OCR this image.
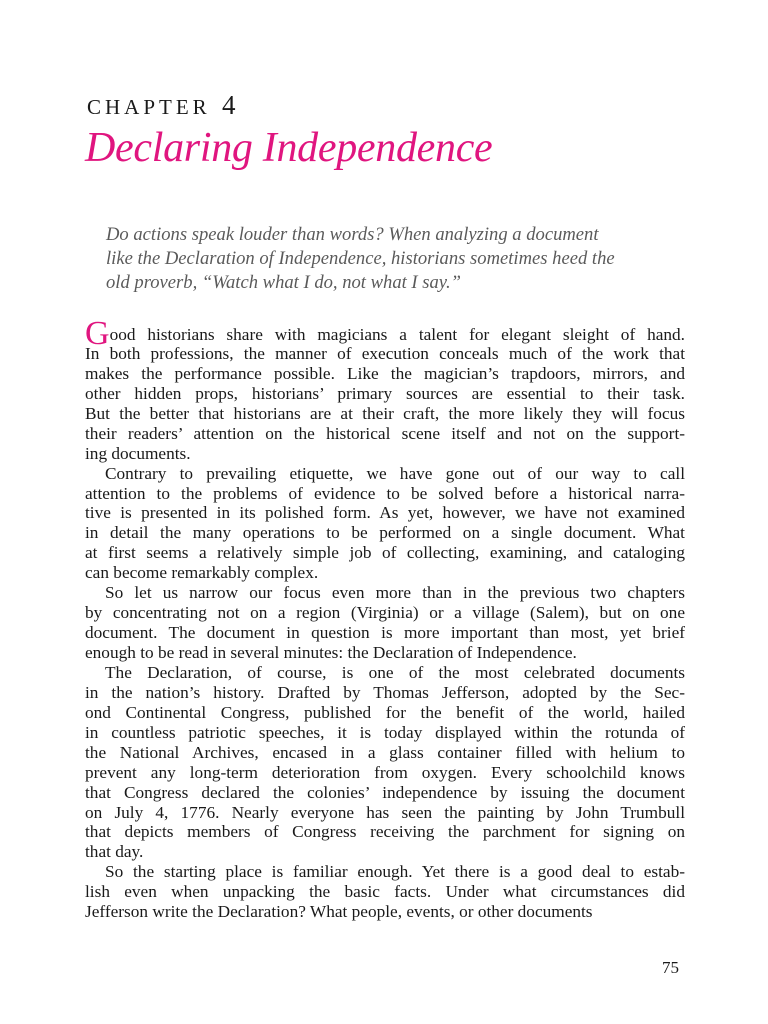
CHAPTER 4
Declaring Independence
Do actions speak louder than words? When analyzing a document
like the Declaration of Independence, historians sometimes heed the
old proverb, “Watch what I do, not what I say.”
Good historians share with magicians a talent for elegant sleight of hand.
In both professions, the manner of execution conceals much of the work that
makes the performance possible. Like the magician’s trapdoors, mirrors, and
other hidden props, historians’ primary sources are essential to their task.
But the better that historians are at their craft, the more likely they will focus
their readers’ attention on the historical scene itself and not on the support-
ing documents.
Contrary to prevailing etiquette, we have gone out of our way to call
attention to the problems of evidence to be solved before a historical narra-
tive is presented in its polished form. As yet, however, we have not examined
in detail the many operations to be performed on a single document. What
at first seems a relatively simple job of collecting, examining, and cataloging
can become remarkably complex.
So let us narrow our focus even more than in the previous two chapters
by concentrating not on a region (Virginia) or a village (Salem), but on one
document. The document in question is more important than most, yet brief
enough to be read in several minutes: the Declaration of Independence.
The Declaration, of course, is one of the most celebrated documents
in the nation’s history. Drafted by Thomas Jefferson, adopted by the Sec-
ond Continental Congress, published for the benefit of the world, hailed
in countless patriotic speeches, it is today displayed within the rotunda of
the National Archives, encased in a glass container filled with helium to
prevent any long-term deterioration from oxygen. Every schoolchild knows
that Congress declared the colonies’ independence by issuing the document
on July 4, 1776. Nearly everyone has seen the painting by John Trumbull
that depicts members of Congress receiving the parchment for signing on
that day.
So the starting place is familiar enough. Yet there is a good deal to estab-
lish even when unpacking the basic facts. Under what circumstances did
Jefferson write the Declaration? What people, events, or other documents
75
